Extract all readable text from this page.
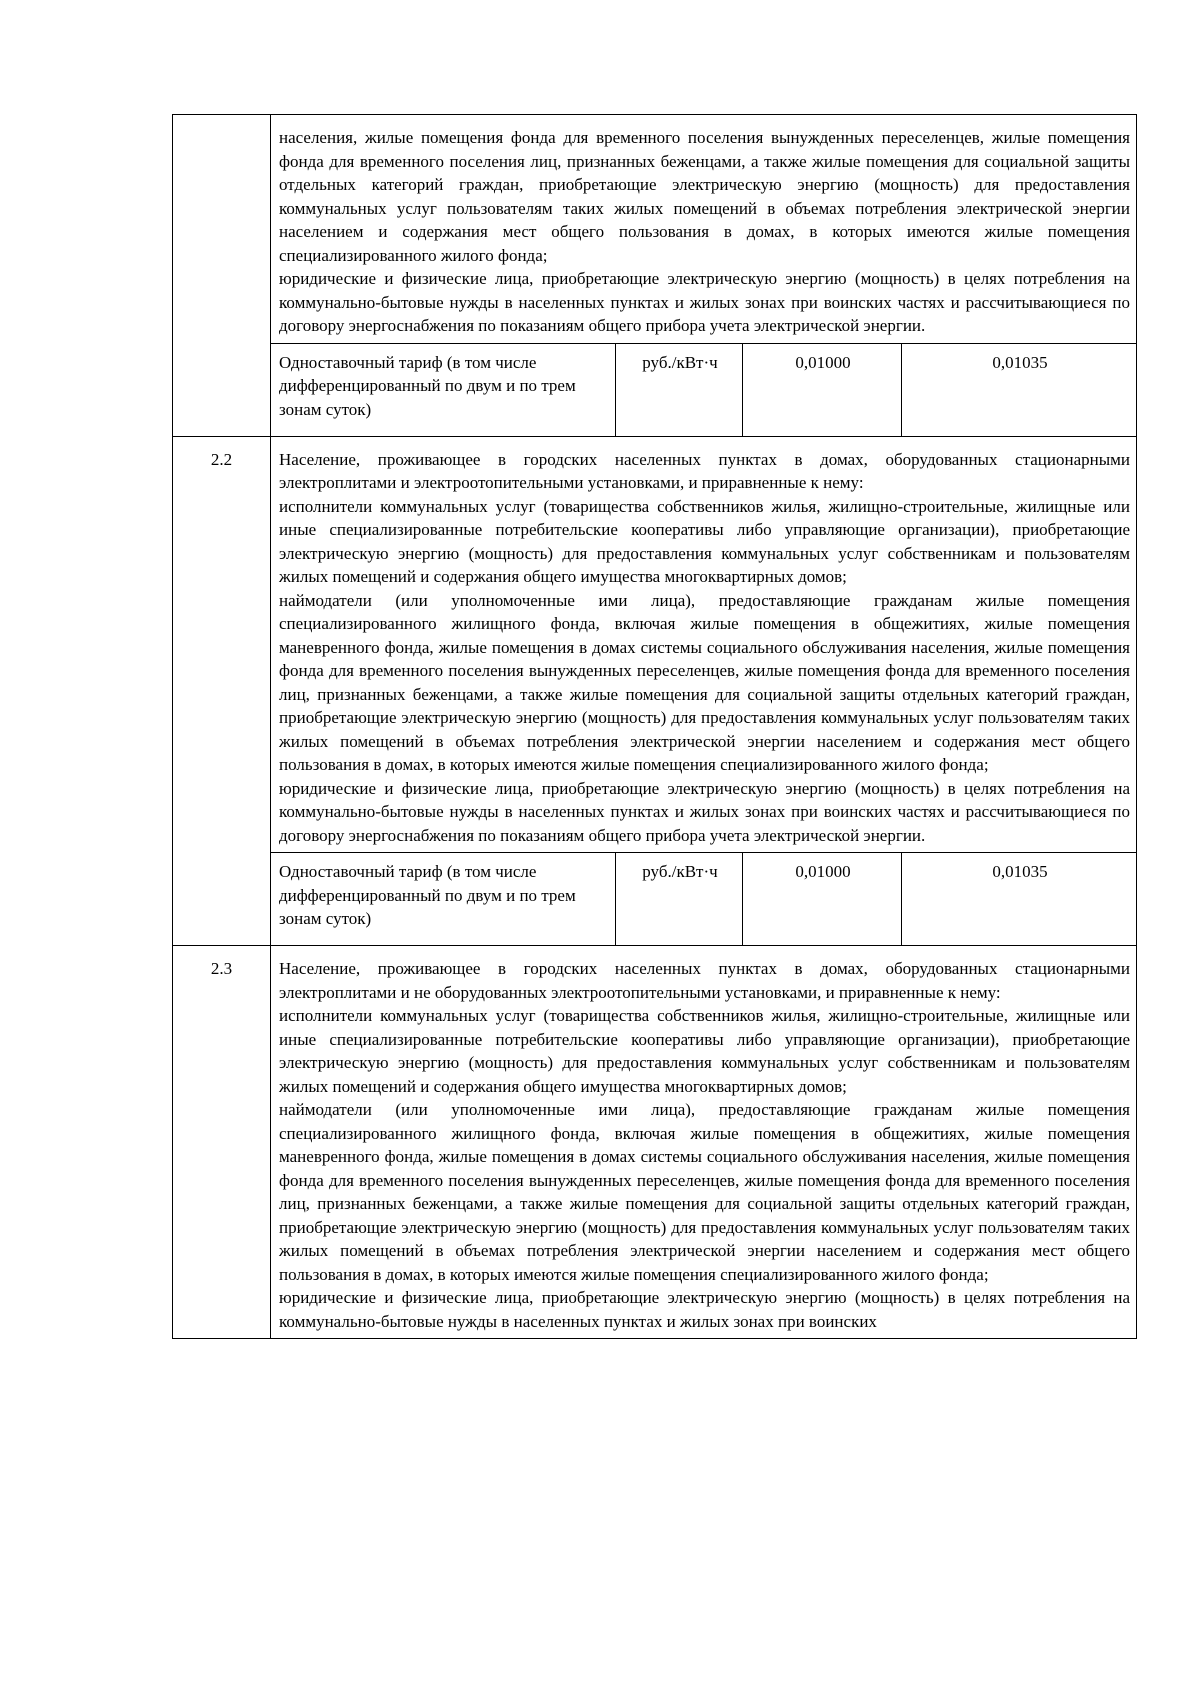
	населения, жилые помещения фонда для временного поселения вынужденных переселенцев, жилые помещения фонда для временного поселения лиц, признанных беженцами, а также жилые помещения для социальной защиты отдельных категорий граждан, приобретающие электрическую энергию (мощность) для предоставления коммунальных услуг пользователям таких жилых помещений в объемах потребления электрической энергии населением и содержания мест общего пользования в домах, в которых имеются жилые помещения специализированного жилого фонда;

юридические и физические лица, приобретающие электрическую энергию (мощность) в целях потребления на коммунально-бытовые нужды в населенных пунктах и жилых зонах при воинских частях и рассчитывающиеся по договору энергоснабжения по показаниям общего прибора учета электрической энергии.			

	Одноставочный тариф (в том числе дифференцированный по двум и по трем зонам суток)	руб./кВт·ч	0,01000	0,01035
2.2	Население, проживающее в городских населенных пунктах в домах, оборудованных стационарными электроплитами и электроотопительными установками, и приравненные к нему:

исполнители коммунальных услуг (товарищества собственников жилья, жилищно-строительные, жилищные или иные специализированные потребительские кооперативы либо управляющие организации), приобретающие электрическую энергию (мощность) для предоставления коммунальных услуг собственникам и пользователям жилых помещений и содержания общего имущества многоквартирных домов;

наймодатели (или уполномоченные ими лица), предоставляющие гражданам жилые помещения специализированного жилищного фонда, включая жилые помещения в общежитиях, жилые помещения маневренного фонда, жилые помещения в домах системы социального обслуживания населения, жилые помещения фонда для временного поселения вынужденных переселенцев, жилые помещения фонда для временного поселения лиц, признанных беженцами, а также жилые помещения для социальной защиты отдельных категорий граждан, приобретающие электрическую энергию (мощность) для предоставления коммунальных услуг пользователям таких жилых помещений в объемах потребления электрической энергии населением и содержания мест общего пользования в домах, в которых имеются жилые помещения специализированного жилого фонда;

юридические и физические лица, приобретающие электрическую энергию (мощность) в целях потребления на коммунально-бытовые нужды в населенных пунктах и жилых зонах при воинских частях и рассчитывающиеся по договору энергоснабжения по показаниям общего прибора учета электрической энергии.			

	Одноставочный тариф (в том числе дифференцированный по двум и по трем зонам суток)	руб./кВт·ч	0,01000	0,01035
2.3	Население, проживающее в городских населенных пунктах в домах, оборудованных стационарными электроплитами и не оборудованных электроотопительными установками, и приравненные к нему:

исполнители коммунальных услуг (товарищества собственников жилья, жилищно-строительные, жилищные или иные специализированные потребительские кооперативы либо управляющие организации), приобретающие электрическую энергию (мощность) для предоставления коммунальных услуг собственникам и пользователям жилых помещений и содержания общего имущества многоквартирных домов;

наймодатели (или уполномоченные ими лица), предоставляющие гражданам жилые помещения специализированного жилищного фонда, включая жилые помещения в общежитиях, жилые помещения маневренного фонда, жилые помещения в домах системы социального обслуживания населения, жилые помещения фонда для временного поселения вынужденных переселенцев, жилые помещения фонда для временного поселения лиц, признанных беженцами, а также жилые помещения для социальной защиты отдельных категорий граждан, приобретающие электрическую энергию (мощность) для предоставления коммунальных услуг пользователям таких жилых помещений в объемах потребления электрической энергии населением и содержания мест общего пользования в домах, в которых имеются жилые помещения специализированного жилого фонда;

юридические и физические лица, приобретающие электрическую энергию (мощность) в целях потребления на коммунально-бытовые нужды в населенных пунктах и жилых зонах при воинских			
